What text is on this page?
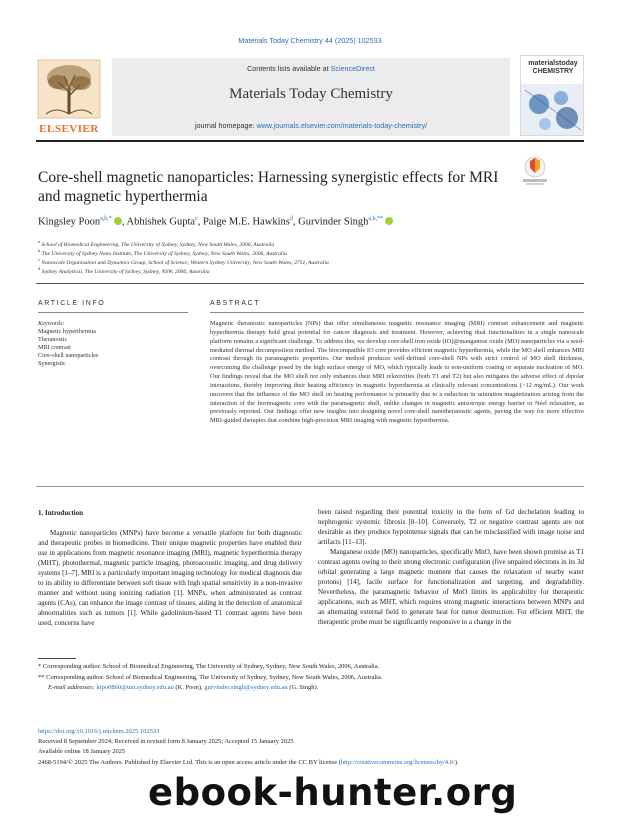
Materials Today Chemistry 44 (2025) 102533
ELSEVIER
Contents lists available at ScienceDirect
Materials Today Chemistry
journal homepage: www.journals.elsevier.com/materials-today-chemistry/
materialstoday CHEMISTRY
Core-shell magnetic nanoparticles: Harnessing synergistic effects for MRI and magnetic hyperthermia
Kingsley Poon$^{a,b,*}$ , Abhishek Gupta$^c$, Paige M.E. Hawkins$^d$, Gurvinder Singh$^{a,b,**}$
$^a$ School of Biomedical Engineering, The University of Sydney, Sydney, New South Wales, 2006, Australia
$^b$ The University of Sydney Nano Institute, The University of Sydney, Sydney, New South Wales, 2006, Australia
$^c$ Nanoscale Organisation and Dynamics Group, School of Science, Western Sydney University, New South Wales, 2751, Australia
$^d$ Sydney Analytical, The University of Sydney, Sydney, NSW, 2006, Australia
ARTICLE INFO
Keywords:
Magnetic hyperthermia
Theranostic
MRI contrast
Core-shell nanoparticles
Synergistic
ABSTRACT
Magnetic theranostic nanoparticles (NPs) that offer simultaneous magnetic resonance imaging (MRI) contrast enhancement and magnetic hyperthermia therapy hold great potential for cancer diagnosis and treatment. However, achieving dual functionalities in a single nanoscale platform remains a significant challenge. To address this, we develop core-shell iron oxide (IO)@manganese oxide (MO) nanoparticles via a seed-mediated thermal decomposition method. The biocompatible IO core provides efficient magnetic hyperthermia, while the MO shell enhances MRI contrast through its paramagnetic properties. Our method produces well-defined core-shell NPs with strict control of MO shell thickness, overcoming the challenge posed by the high surface energy of MO, which typically leads to non-uniform coating or separate nucleation of MO. Our findings reveal that the MO shell not only enhances their MRI relaxivities (both T1 and T2) but also mitigates the adverse effect of dipolar interactions, thereby improving their heating efficiency in magnetic hyperthermia at clinically relevant concentrations (>12 mg/mL). Our work uncovers that the influence of the MO shell on heating performance is primarily due to a reduction in saturation magnetization arising from the interaction of the ferrimagnetic core with the paramagnetic shell, unlike changes in magnetic anisotropic energy barrier or Néel relaxation, as previously reported. Our findings offer new insights into designing novel core-shell nanotheranostic agents, paving the way for more effective MRI-guided therapies that combine high-precision MRI imaging with magnetic hyperthermia.
1. Introduction

Magnetic nanoparticles (MNPs) have become a versatile platform for both diagnostic and therapeutic probes in biomedicine. Their unique magnetic properties have enabled their use in applications from magnetic resonance imaging (MRI), magnetic hyperthermia therapy (MHT), photothermal, magnetic particle imaging, photoacoustic imaging, and drug delivery systems [1–7]. MRI is a particularly important imaging technology for medical diagnosis due to its ability to differentiate between soft tissue with high spatial sensitivity in a non-invasive manner and without using ionizing radiation [1]. MNPs, when administrated as contrast agents (CAs), can enhance the image contrast of tissues, aiding in the detection of anatomical abnormalities such as tumors [1]. While gadolinium-based T1 contrast agents have been used, concerns have

been raised regarding their potential toxicity in the form of Gd dechelation leading to nephrogenic systemic fibrosis [8–10]. Conversely, T2 or negative contrast agents are not desirable as they produce hypointense signals that can be misclassified with image noise and artifacts [11–13].

Manganese oxide (MO) nanoparticles, specifically MnO, have been shown promise as T1 contrast agents owing to their strong electronic configuration (five unpaired electrons in its 3d orbital generating a large magnetic moment that causes the relaxation of nearby water protons) [14], facile surface for functionalization and targeting, and degradability. Nevertheless, the paramagnetic behavior of MnO limits its applicability for therapeutic applications, such as MHT, which requires strong magnetic interactions between MNPs and an alternating external field to generate heat for tumor destruction. For efficient MHT, the therapeutic probe must be significantly responsive to a change in the

* Corresponding author. School of Biomedical Engineering, The University of Sydney, Sydney, New South Wales, 2006, Australia.
** Corresponding author. School of Biomedical Engineering, The University of Sydney, Sydney, New South Wales, 2006, Australia.
E-mail addresses: kipo0860@uni.sydney.edu.au (K. Poon), gurvinder.singh@sydney.edu.au (G. Singh).
https://doi.org/10.1016/j.mtchem.2025.102533
Received 8 September 2024; Received in revised form 8 January 2025; Accepted 15 January 2025
Available online 18 January 2025
2468-5194/© 2025 The Authors. Published by Elsevier Ltd. This is an open access article under the CC BY license (http://creativecommons.org/licenses/by/4.0/).
ebook-hunter.org
